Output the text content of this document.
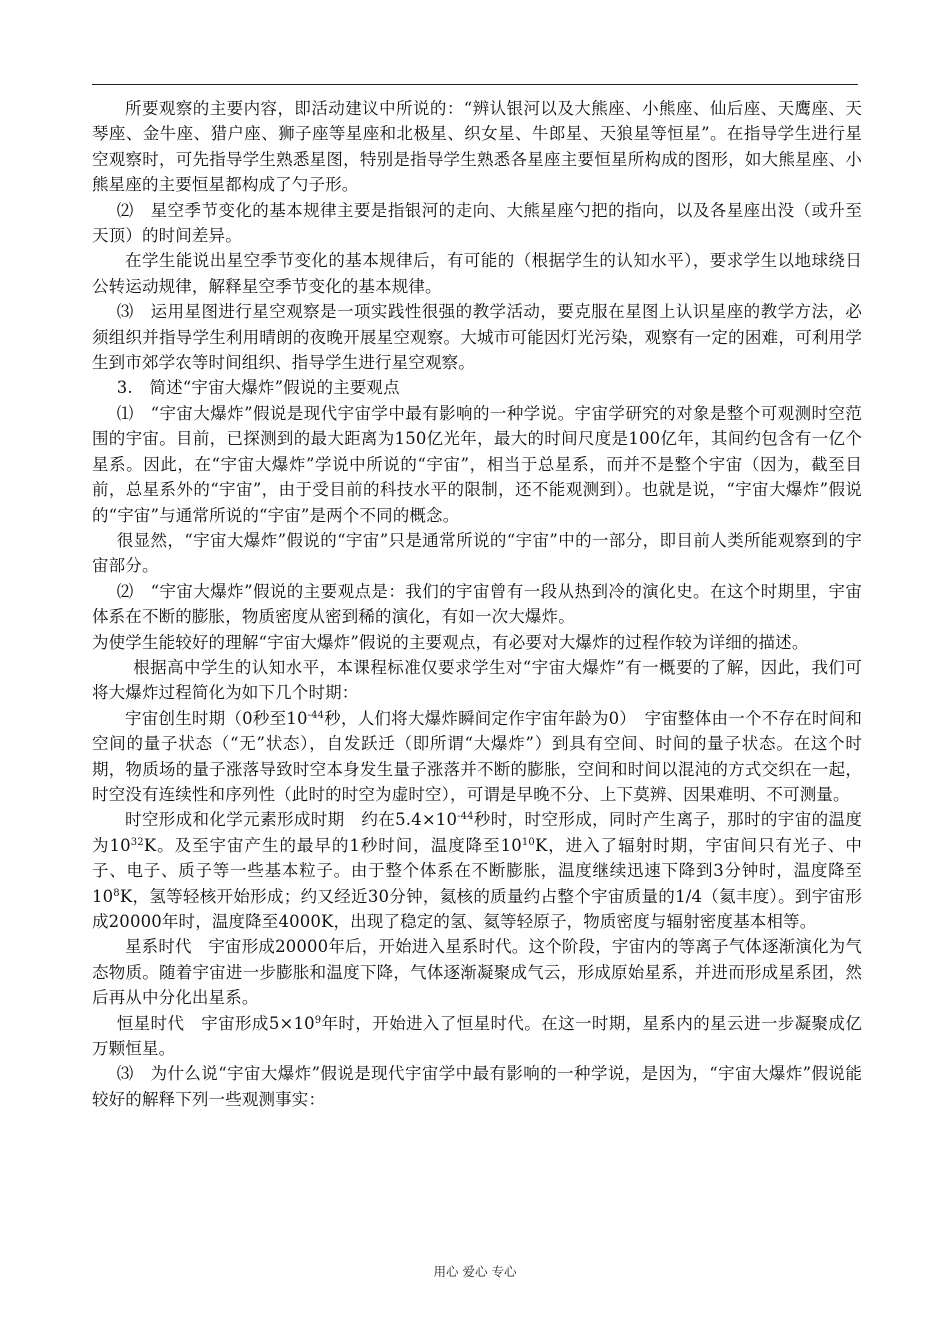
所要观察的主要内容，即活动建议中所说的：“辨认银河以及大熊座、小熊座、仙后座、天鹰座、天琴座、金牛座、猎户座、狮子座等星座和北极星、织女星、牛郎星、天狼星等恒星”。在指导学生进行星空观察时，可先指导学生熟悉星图，特别是指导学生熟悉各星座主要恒星所构成的图形，如大熊星座、小熊星座的主要恒星都构成了勺子形。

⑵　星空季节变化的基本规律主要是指银河的走向、大熊星座勺把的指向，以及各星座出没（或升至天顶）的时间差异。

在学生能说出星空季节变化的基本规律后，有可能的（根据学生的认知水平），要求学生以地球绕日公转运动规律，解释星空季节变化的基本规律。

⑶　运用星图进行星空观察是一项实践性很强的教学活动，要克服在星图上认识星座的教学方法，必须组织并指导学生利用晴朗的夜晚开展星空观察。大城市可能因灯光污染，观察有一定的困难，可利用学生到市郊学农等时间组织、指导学生进行星空观察。

3.　简述“宇宙大爆炸”假说的主要观点

⑴　“宇宙大爆炸”假说是现代宇宙学中最有影响的一种学说。宇宙学研究的对象是整个可观测时空范围的宇宙。目前，已探测到的最大距离为150亿光年，最大的时间尺度是100亿年，其间约包含有一亿个星系。因此，在“宇宙大爆炸”学说中所说的“宇宙”，相当于总星系，而并不是整个宇宙（因为，截至目前，总星系外的“宇宙”，由于受目前的科技水平的限制，还不能观测到）。也就是说，“宇宙大爆炸”假说的“宇宙”与通常所说的“宇宙”是两个不同的概念。

很显然，“宇宙大爆炸”假说的“宇宙”只是通常所说的“宇宙”中的一部分，即目前人类所能观察到的宇宙部分。

⑵　“宇宙大爆炸”假说的主要观点是：我们的宇宙曾有一段从热到冷的演化史。在这个时期里，宇宙体系在不断的膨胀，物质密度从密到稀的演化，有如一次大爆炸。

为使学生能较好的理解“宇宙大爆炸”假说的主要观点，有必要对大爆炸的过程作较为详细的描述。

根据高中学生的认知水平，本课程标准仅要求学生对“宇宙大爆炸”有一概要的了解，因此，我们可将大爆炸过程简化为如下几个时期：

宇宙创生时期（0秒至$10^{-44}$秒，人们将大爆炸瞬间定作宇宙年龄为0）　宇宙整体由一个不存在时间和空间的量子状态（“无”状态），自发跃迁（即所谓“大爆炸”）到具有空间、时间的量子状态。在这个时期，物质场的量子涨落导致时空本身发生量子涨落并不断的膨胀，空间和时间以混沌的方式交织在一起，时空没有连续性和序列性（此时的时空为虚时空），可谓是早晚不分、上下莫辨、因果难明、不可测量。

时空形成和化学元素形成时期　约在$5.4\times 10^{-44}$秒时，时空形成，同时产生离子，那时的宇宙的温度为$10^{32}K$。及至宇宙产生的最早的1秒时间，温度降至$10^{10}K$，进入了辐射时期，宇宙间只有光子、中子、电子、质子等一些基本粒子。由于整个体系在不断膨胀，温度继续迅速下降到3分钟时，温度降至$10^8K$，氢等轻核开始形成；约又经近30分钟，氦核的质量约占整个宇宙质量的1/4（氦丰度）。到宇宙形成20000年时，温度降至4000K，出现了稳定的氢、氦等轻原子，物质密度与辐射密度基本相等。

星系时代　宇宙形成20000年后，开始进入星系时代。这个阶段，宇宙内的等离子气体逐渐演化为气态物质。随着宇宙进一步膨胀和温度下降，气体逐渐凝聚成气云，形成原始星系，并进而形成星系团，然后再从中分化出星系。

恒星时代　宇宙形成$5\times 10^9$年时，开始进入了恒星时代。在这一时期，星系内的星云进一步凝聚成亿万颗恒星。

⑶　为什么说“宇宙大爆炸”假说是现代宇宙学中最有影响的一种学说，是因为，“宇宙大爆炸”假说能较好的解释下列一些观测事实：

用心 爱心 专心
